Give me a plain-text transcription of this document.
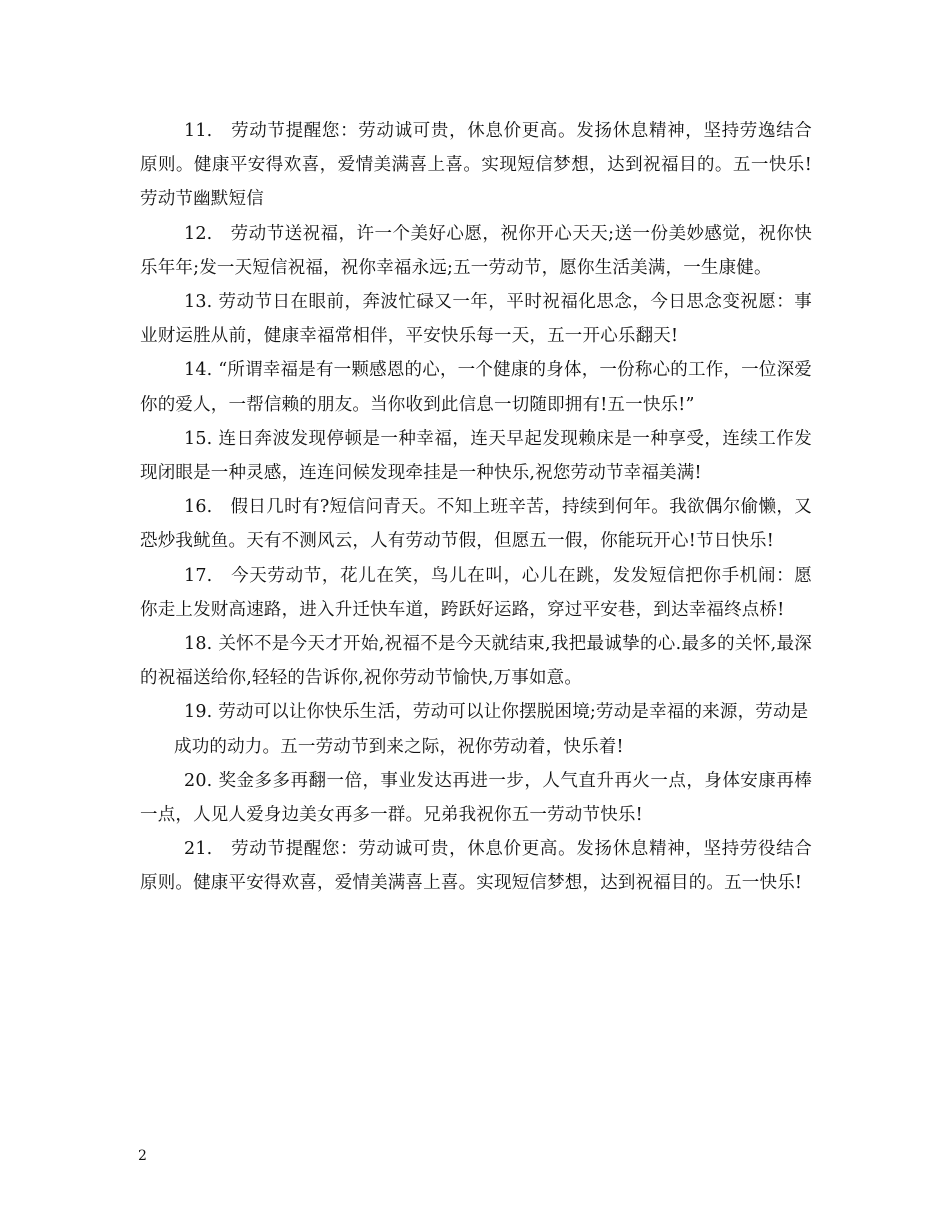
11.　劳动节提醒您：劳动诚可贵，休息价更高。发扬休息精神，坚持劳逸结合原则。健康平安得欢喜，爱情美满喜上喜。实现短信梦想，达到祝福目的。五一快乐!劳动节幽默短信

12.　劳动节送祝福，许一个美好心愿，祝你开心天天;送一份美妙感觉，祝你快乐年年;发一天短信祝福，祝你幸福永远;五一劳动节，愿你生活美满，一生康健。

13. 劳动节日在眼前，奔波忙碌又一年，平时祝福化思念，今日思念变祝愿：事业财运胜从前，健康幸福常相伴，平安快乐每一天，五一开心乐翻天!

14. “所谓幸福是有一颗感恩的心，一个健康的身体，一份称心的工作，一位深爱你的爱人，一帮信赖的朋友。当你收到此信息一切随即拥有!五一快乐!”

15. 连日奔波发现停顿是一种幸福，连天早起发现赖床是一种享受，连续工作发现闭眼是一种灵感，连连问候发现牵挂是一种快乐,祝您劳动节幸福美满!

16.　假日几时有?短信问青天。不知上班辛苦，持续到何年。我欲偶尔偷懒，又恐炒我鱿鱼。天有不测风云，人有劳动节假，但愿五一假，你能玩开心!节日快乐!

17.　今天劳动节，花儿在笑，鸟儿在叫，心儿在跳，发发短信把你手机闹：愿你走上发财高速路，进入升迁快车道，跨跃好运路，穿过平安巷，到达幸福终点桥!

18. 关怀不是今天才开始,祝福不是今天就结束,我把最诚挚的心.最多的关怀,最深的祝福送给你,轻轻的告诉你,祝你劳动节愉快,万事如意。

19. 劳动可以让你快乐生活，劳动可以让你摆脱困境;劳动是幸福的来源，劳动是

成功的动力。五一劳动节到来之际，祝你劳动着，快乐着!

20. 奖金多多再翻一倍，事业发达再进一步，人气直升再火一点，身体安康再棒一点，人见人爱身边美女再多一群。兄弟我祝你五一劳动节快乐!

21.　劳动节提醒您：劳动诚可贵，休息价更高。发扬休息精神，坚持劳役结合原则。健康平安得欢喜，爱情美满喜上喜。实现短信梦想，达到祝福目的。五一快乐!

2
